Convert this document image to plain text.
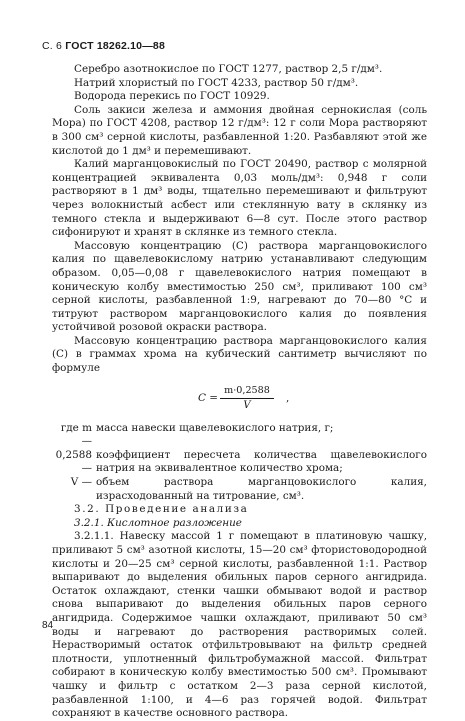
С. 6 ГОСТ 18262.10—88

Серебро азотнокислое по ГОСТ 1277, раствор 2,5 г/дм³.

Натрий хлористый по ГОСТ 4233, раствор 50 г/дм³.

Водорода перекись по ГОСТ 10929.

Соль закиси железа и аммония двойная сернокислая (соль Мора) по ГОСТ 4208, раствор 12 г/дм³: 12 г соли Мора растворяют в 300 см³ серной кислоты, разбавленной 1:20. Разбавляют этой же кислотой до 1 дм³ и перемешивают.

Калий марганцовокислый по ГОСТ 20490, раствор с молярной концентрацией эквивалента 0,03 моль/дм³: 0,948 г соли растворяют в 1 дм³ воды, тщательно перемешивают и фильтруют через волокнистый асбест или стеклянную вату в склянку из темного стекла и выдерживают 6—8 сут. После этого раствор сифонируют и хранят в склянке из темного стекла.

Массовую концентрацию (C) раствора марганцовокислого калия по щавелевокислому натрию устанавливают следующим образом. 0,05—0,08 г щавелевокислого натрия помещают в коническую колбу вместимостью 250 см³, приливают 100 см³ серной кислоты, разбавленной 1:9, нагревают до 70—80 °C и титруют раствором марганцовокислого калия до появления устойчивой розовой окраски раствора.

Массовую концентрацию раствора марганцовокислого калия (C) в граммах хрома на кубический сантиметр вычисляют по формуле

$C = \frac{m\cdot 0,2588}{V}$ ,
где m —
масса навески щавелевокислого натрия, г;
0,2588 —
коэффициент пересчета количества щавелевокислого натрия на эквивалентное количество хрома;
V — объем раствора марганцовокислого калия, израсходованный на титрование, см³.

3.2. Проведение анализа

3.2.1. Кислотное разложение

3.2.1.1. Навеску массой 1 г помещают в платиновую чашку, приливают 5 см³ азотной кислоты, 15—20 см³ фтористоводородной кислоты и 20—25 см³ серной кислоты, разбавленной 1:1. Раствор выпаривают до выделения обильных паров серного ангидрида. Остаток охлаждают, стенки чашки обмывают водой и раствор снова выпаривают до выделения обильных паров серного ангидрида. Содержимое чашки охлаждают, приливают 50 см³ воды и нагревают до растворения растворимых солей. Нерастворимый остаток отфильтровывают на фильтр средней плотности, уплотненный фильтробумажной массой. Фильтрат собирают в коническую колбу вместимостью 500 см³. Промывают чашку и фильтр с остатком 2—3 раза серной кислотой, разбавленной 1:100, и 4—6 раз горячей водой. Фильтрат сохраняют в качестве основного раствора.

84
